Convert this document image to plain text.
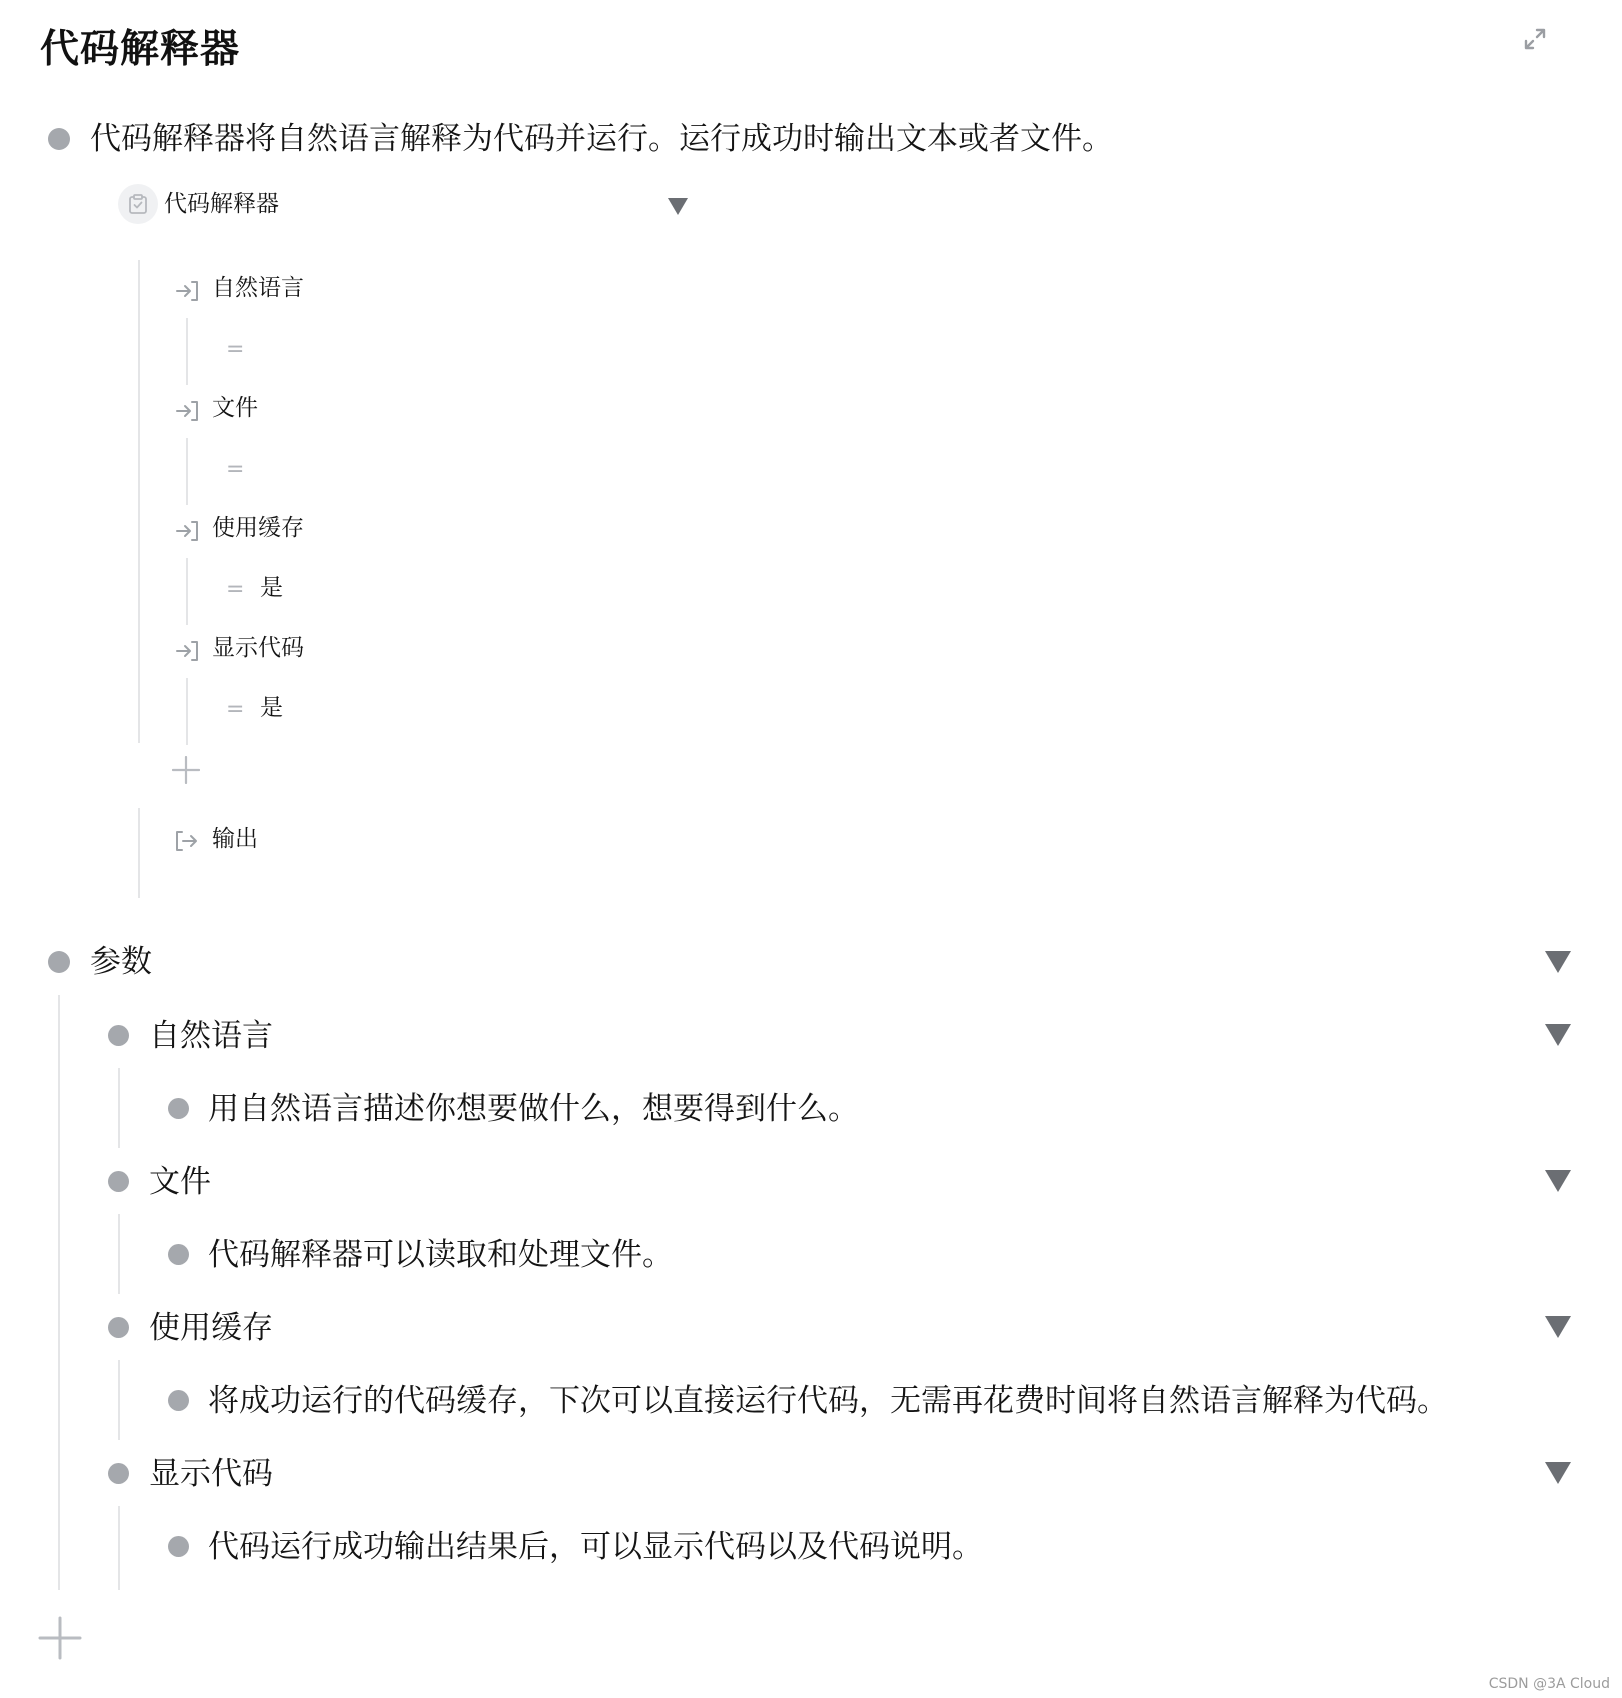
代码解释器
代码解释器将自然语言解释为代码并运行。运行成功时输出文本或者文件。
代码解释器
自然语言
=
文件
=
使用缓存
= 是
显示代码
= 是
输出
参数
自然语言
用自然语言描述你想要做什么，想要得到什么。
文件
代码解释器可以读取和处理文件。
使用缓存
将成功运行的代码缓存，下次可以直接运行代码，无需再花费时间将自然语言解释为代码。
显示代码
代码运行成功输出结果后，可以显示代码以及代码说明。
CSDN @3A Cloud
